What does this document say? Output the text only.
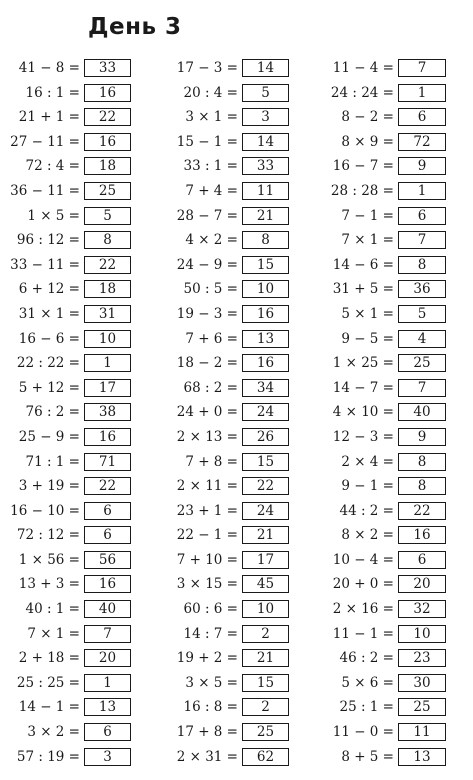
День 3
41 − 8 =	33
16 : 1 =	16
21 + 1 =	22
27 − 11 =	16
72 : 4 =	18
36 − 11 =	25
1 × 5 =	5
96 : 12 =	8
33 − 11 =	22
6 + 12 =	18
31 × 1 =	31
16 − 6 =	10
22 : 22 =	1
5 + 12 =	17
76 : 2 =	38
25 − 9 =	16
71 : 1 =	71
3 + 19 =	22
16 − 10 =	6
72 : 12 =	6
1 × 56 =	56
13 + 3 =	16
40 : 1 =	40
7 × 1 =	7
2 + 18 =	20
25 : 25 =	1
14 − 1 =	13
3 × 2 =	6
57 : 19 =	3
17 − 3 =	14
20 : 4 =	5
3 × 1 =	3
15 − 1 =	14
33 : 1 =	33
7 + 4 =	11
28 − 7 =	21
4 × 2 =	8
24 − 9 =	15
50 : 5 =	10
19 − 3 =	16
7 + 6 =	13
18 − 2 =	16
68 : 2 =	34
24 + 0 =	24
2 × 13 =	26
7 + 8 =	15
2 × 11 =	22
23 + 1 =	24
22 − 1 =	21
7 + 10 =	17
3 × 15 =	45
60 : 6 =	10
14 : 7 =	2
19 + 2 =	21
3 × 5 =	15
16 : 8 =	2
17 + 8 =	25
2 × 31 =	62
11 − 4 =	7
24 : 24 =	1
8 − 2 =	6
8 × 9 =	72
16 − 7 =	9
28 : 28 =	1
7 − 1 =	6
7 × 1 =	7
14 − 6 =	8
31 + 5 =	36
5 × 1 =	5
9 − 5 =	4
1 × 25 =	25
14 − 7 =	7
4 × 10 =	40
12 − 3 =	9
2 × 4 =	8
9 − 1 =	8
44 : 2 =	22
8 × 2 =	16
10 − 4 =	6
20 + 0 =	20
2 × 16 =	32
11 − 1 =	10
46 : 2 =	23
5 × 6 =	30
25 : 1 =	25
11 − 0 =	11
8 + 5 =	13
